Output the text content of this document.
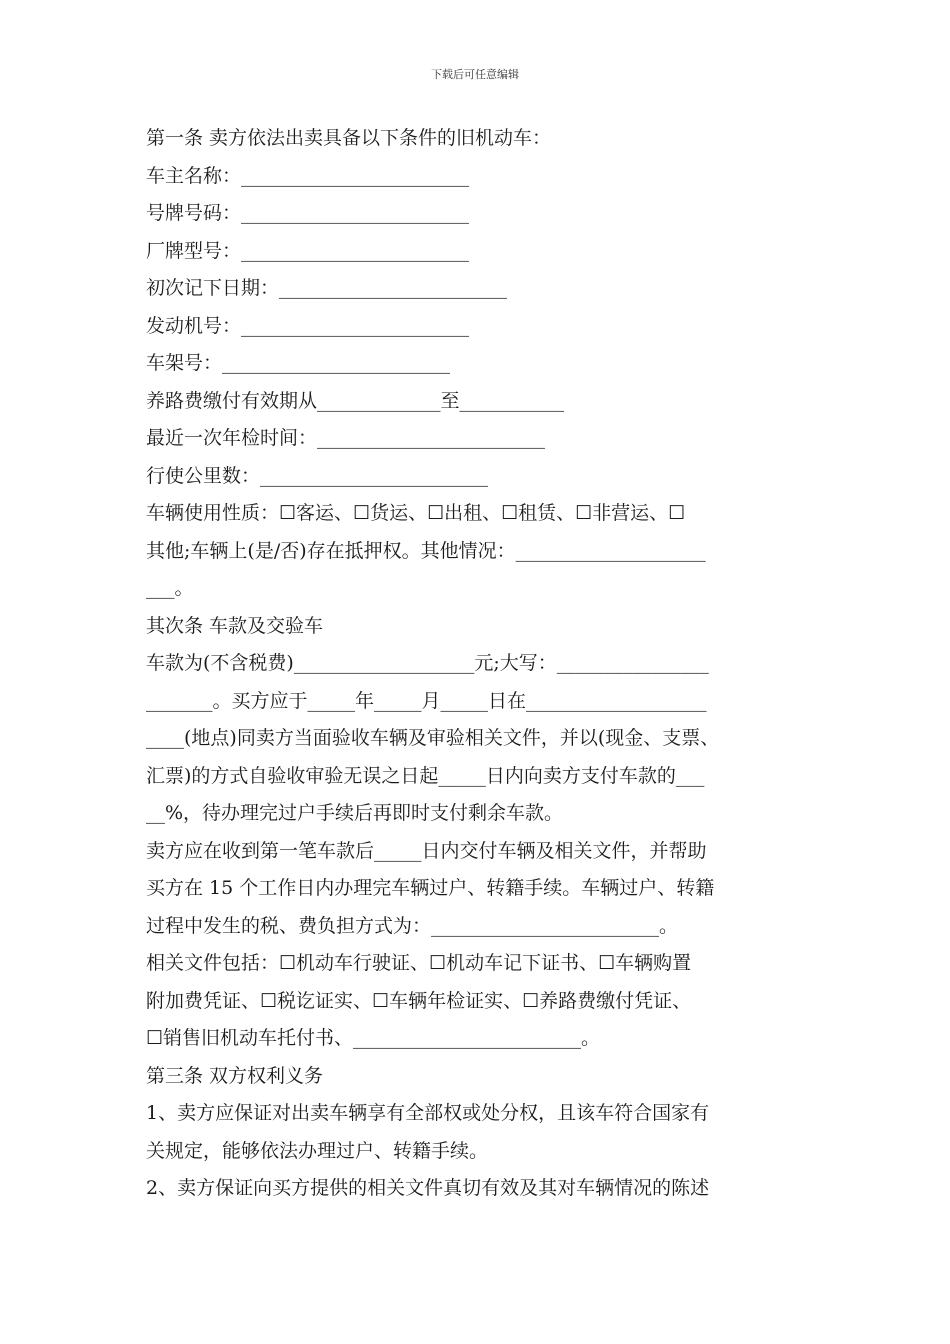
下载后可任意编辑
第一条 卖方依法出卖具备以下条件的旧机动车：
车主名称：________________________
号牌号码：________________________
厂牌型号：________________________
初次记下日期：________________________
发动机号：________________________
车架号：________________________
养路费缴付有效期从_____________至___________
最近一次年检时间：________________________
行使公里数：________________________
车辆使用性质：☐客运、☐货运、☐出租、☐租赁、☐非营运、☐
其他;车辆上(是/否)存在抵押权。其他情况：____________________
___。
其次条 车款及交验车
车款为(不含税费)___________________元;大写：________________
_______。买方应于_____年_____月_____日在___________________
____(地点)同卖方当面验收车辆及审验相关文件，并以(现金、支票、
汇票)的方式自验收审验无误之日起_____日内向卖方支付车款的___
__%，待办理完过户手续后再即时支付剩余车款。
卖方应在收到第一笔车款后_____日内交付车辆及相关文件，并帮助
买方在 15 个工作日内办理完车辆过户、转籍手续。车辆过户、转籍
过程中发生的税、费负担方式为：________________________。
相关文件包括：☐机动车行驶证、☐机动车记下证书、☐车辆购置
附加费凭证、☐税讫证实、☐车辆年检证实、☐养路费缴付凭证、
☐销售旧机动车托付书、________________________。
第三条 双方权利义务
1、卖方应保证对出卖车辆享有全部权或处分权，且该车符合国家有
关规定，能够依法办理过户、转籍手续。
2、卖方保证向买方提供的相关文件真切有效及其对车辆情况的陈述
